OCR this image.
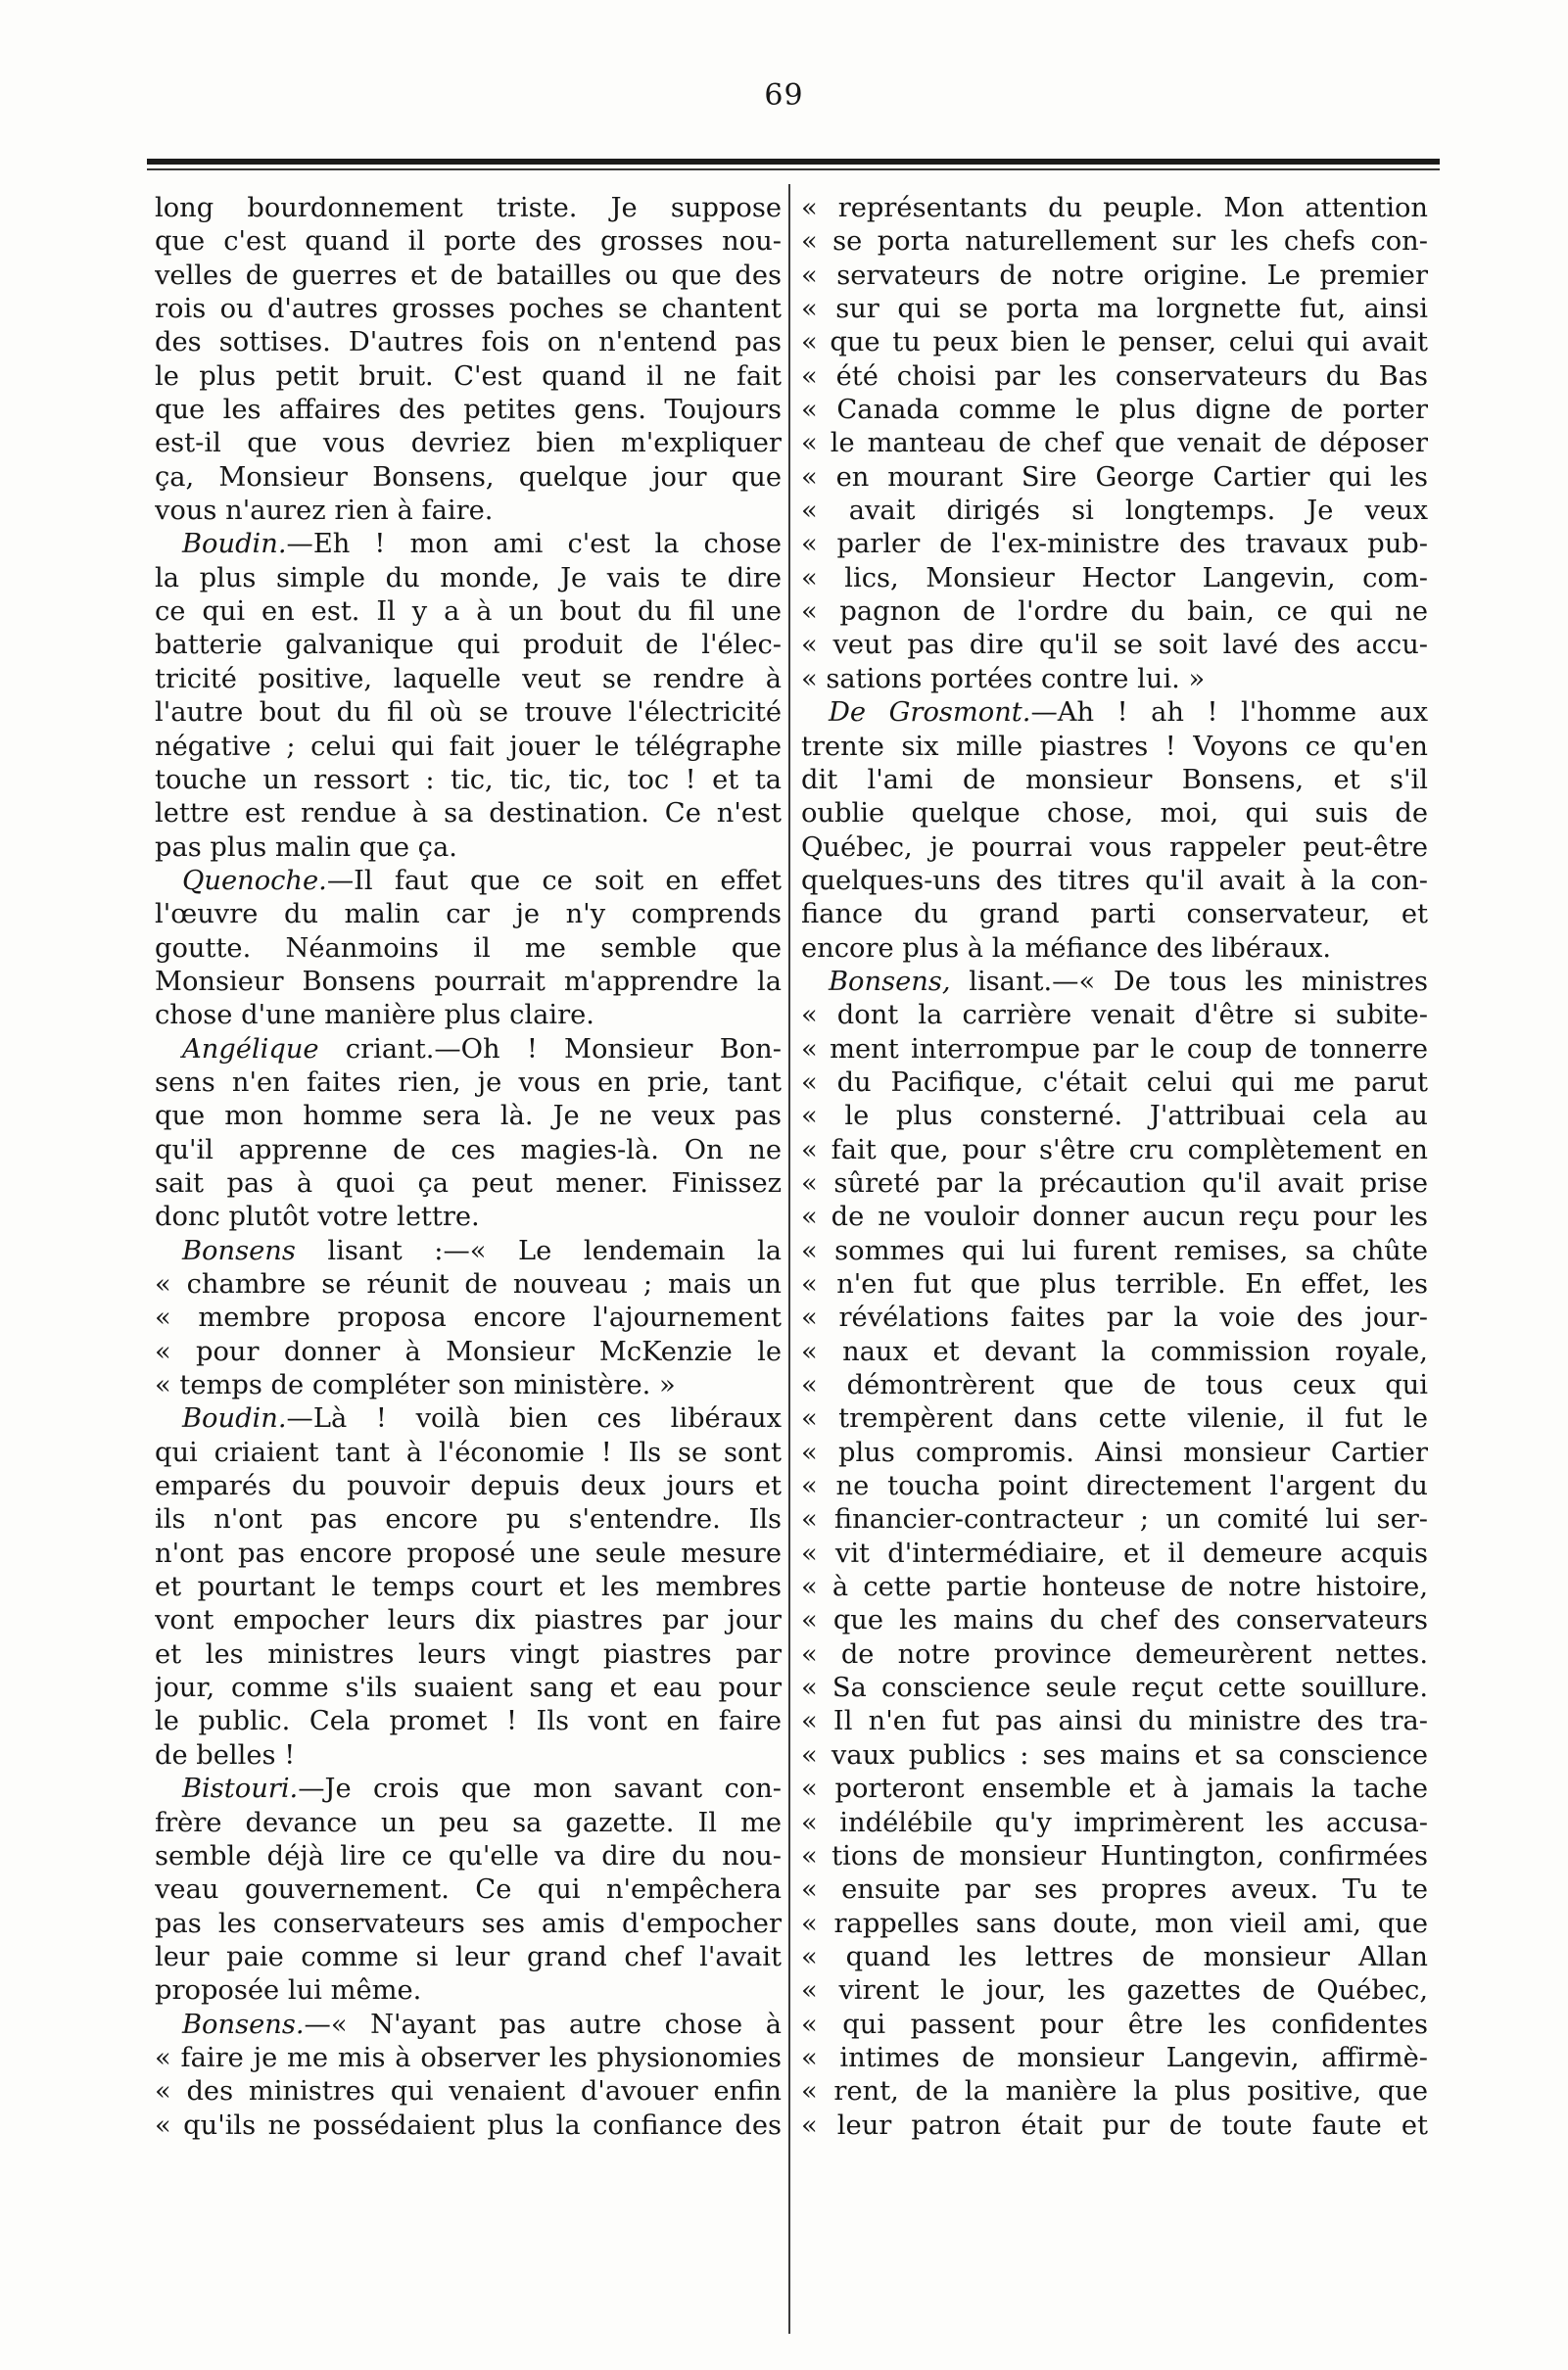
69
long bourdonnement triste. Je suppose
que c'est quand il porte des grosses nou-
velles de guerres et de batailles ou que des
rois ou d'autres grosses poches se chantent
des sottises. D'autres fois on n'entend pas
le plus petit bruit. C'est quand il ne fait
que les affaires des petites gens. Toujours
est-il que vous devriez bien m'expliquer
ça, Monsieur Bonsens, quelque jour que
vous n'aurez rien à faire.
Boudin.—Eh ! mon ami c'est la chose
la plus simple du monde, Je vais te dire
ce qui en est. Il y a à un bout du fil une
batterie galvanique qui produit de l'élec-
tricité positive, laquelle veut se rendre à
l'autre bout du fil où se trouve l'électricité
négative ; celui qui fait jouer le télégraphe
touche un ressort : tic, tic, tic, toc ! et ta
lettre est rendue à sa destination. Ce n'est
pas plus malin que ça.
Quenoche.—Il faut que ce soit en effet
l'œuvre du malin car je n'y comprends
goutte. Néanmoins il me semble que
Monsieur Bonsens pourrait m'apprendre la
chose d'une manière plus claire.
Angélique criant.—Oh ! Monsieur Bon-
sens n'en faites rien, je vous en prie, tant
que mon homme sera là. Je ne veux pas
qu'il apprenne de ces magies-là. On ne
sait pas à quoi ça peut mener. Finissez
donc plutôt votre lettre.
Bonsens lisant :—« Le lendemain la
« chambre se réunit de nouveau ; mais un
« membre proposa encore l'ajournement
« pour donner à Monsieur McKenzie le
« temps de compléter son ministère. »
Boudin.—Là ! voilà bien ces libéraux
qui criaient tant à l'économie ! Ils se sont
emparés du pouvoir depuis deux jours et
ils n'ont pas encore pu s'entendre. Ils
n'ont pas encore proposé une seule mesure
et pourtant le temps court et les membres
vont empocher leurs dix piastres par jour
et les ministres leurs vingt piastres par
jour, comme s'ils suaient sang et eau pour
le public. Cela promet ! Ils vont en faire
de belles !
Bistouri.—Je crois que mon savant con-
frère devance un peu sa gazette. Il me
semble déjà lire ce qu'elle va dire du nou-
veau gouvernement. Ce qui n'empêchera
pas les conservateurs ses amis d'empocher
leur paie comme si leur grand chef l'avait
proposée lui même.
Bonsens.—« N'ayant pas autre chose à
« faire je me mis à observer les physionomies
« des ministres qui venaient d'avouer enfin
« qu'ils ne possédaient plus la confiance des
« représentants du peuple. Mon attention
« se porta naturellement sur les chefs con-
« servateurs de notre origine. Le premier
« sur qui se porta ma lorgnette fut, ainsi
« que tu peux bien le penser, celui qui avait
« été choisi par les conservateurs du Bas
« Canada comme le plus digne de porter
« le manteau de chef que venait de déposer
« en mourant Sire George Cartier qui les
« avait dirigés si longtemps. Je veux
« parler de l'ex-ministre des travaux pub-
« lics, Monsieur Hector Langevin, com-
« pagnon de l'ordre du bain, ce qui ne
« veut pas dire qu'il se soit lavé des accu-
« sations portées contre lui. »
De Grosmont.—Ah ! ah ! l'homme aux
trente six mille piastres ! Voyons ce qu'en
dit l'ami de monsieur Bonsens, et s'il
oublie quelque chose, moi, qui suis de
Québec, je pourrai vous rappeler peut-être
quelques-uns des titres qu'il avait à la con-
fiance du grand parti conservateur, et
encore plus à la méfiance des libéraux.
Bonsens, lisant.—« De tous les ministres
« dont la carrière venait d'être si subite-
« ment interrompue par le coup de tonnerre
« du Pacifique, c'était celui qui me parut
« le plus consterné. J'attribuai cela au
« fait que, pour s'être cru complètement en
« sûreté par la précaution qu'il avait prise
« de ne vouloir donner aucun reçu pour les
« sommes qui lui furent remises, sa chûte
« n'en fut que plus terrible. En effet, les
« révélations faites par la voie des jour-
« naux et devant la commission royale,
« démontrèrent que de tous ceux qui
« trempèrent dans cette vilenie, il fut le
« plus compromis. Ainsi monsieur Cartier
« ne toucha point directement l'argent du
« financier-contracteur ; un comité lui ser-
« vit d'intermédiaire, et il demeure acquis
« à cette partie honteuse de notre histoire,
« que les mains du chef des conservateurs
« de notre province demeurèrent nettes.
« Sa conscience seule reçut cette souillure.
« Il n'en fut pas ainsi du ministre des tra-
« vaux publics : ses mains et sa conscience
« porteront ensemble et à jamais la tache
« indélébile qu'y imprimèrent les accusa-
« tions de monsieur Huntington, confirmées
« ensuite par ses propres aveux. Tu te
« rappelles sans doute, mon vieil ami, que
« quand les lettres de monsieur Allan
« virent le jour, les gazettes de Québec,
« qui passent pour être les confidentes
« intimes de monsieur Langevin, affirmè-
« rent, de la manière la plus positive, que
« leur patron était pur de toute faute et
